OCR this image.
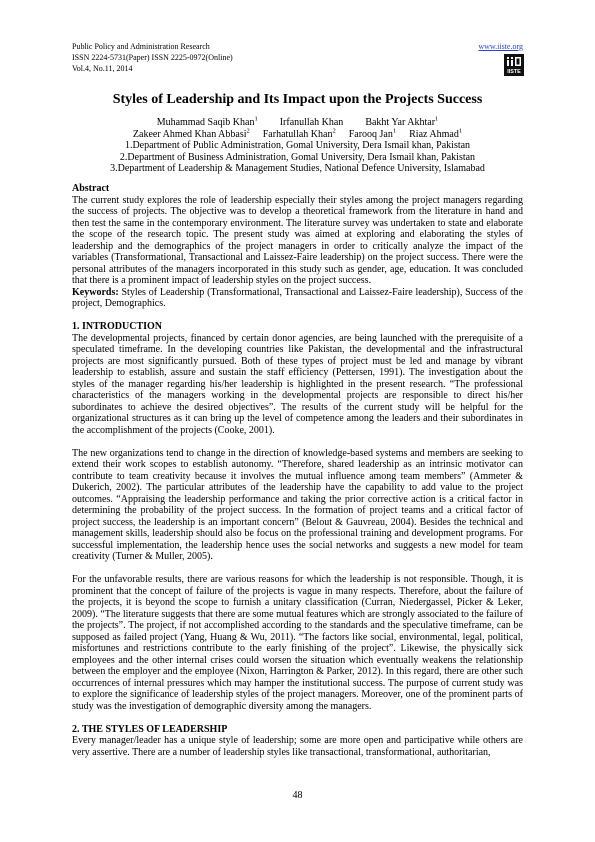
Public Policy and Administration Research
ISSN 2224-5731(Paper) ISSN 2225-0972(Online)
Vol.4, No.11, 2014
www.iiste.org
IISTE
Styles of Leadership and Its Impact upon the Projects Success
Muhammad Saqib Khan$^1$ Irfanullah Khan Bakht Yar Akhtar$^1$
Zakeer Ahmed Khan Abbasi$^2$ Farhatullah Khan$^2$ Farooq Jan$^1$ Riaz Ahmad$^1$
1.Department of Public Administration, Gomal University, Dera Ismail khan, Pakistan
2.Department of Business Administration, Gomal University, Dera Ismail khan, Pakistan
3.Department of Leadership & Management Studies, National Defence University, Islamabad
Abstract

The current study explores the role of leadership especially their styles among the project managers regarding the success of projects. The objective was to develop a theoretical framework from the literature in hand and then test the same in the contemporary environment. The literature survey was undertaken to state and elaborate the scope of the research topic. The present study was aimed at exploring and elaborating the styles of leadership and the demographics of the project managers in order to critically analyze the impact of the variables (Transformational, Transactional and Laissez-Faire leadership) on the project success. There were the personal attributes of the managers incorporated in this study such as gender, age, education. It was concluded that there is a prominent impact of leadership styles on the project success.

Keywords: Styles of Leadership (Transformational, Transactional and Laissez-Faire leadership), Success of the project, Demographics.

1. INTRODUCTION

The developmental projects, financed by certain donor agencies, are being launched with the prerequisite of a speculated timeframe. In the developing countries like Pakistan, the developmental and the infrastructural projects are most significantly pursued. Both of these types of project must be led and manage by vibrant leadership to establish, assure and sustain the staff efficiency (Pettersen, 1991). The investigation about the styles of the manager regarding his/her leadership is highlighted in the present research. “The professional characteristics of the managers working in the developmental projects are responsible to direct his/her subordinates to achieve the desired objectives”. The results of the current study will be helpful for the organizational structures as it can bring up the level of competence among the leaders and their subordinates in the accomplishment of the projects (Cooke, 2001).

The new organizations tend to change in the direction of knowledge-based systems and members are seeking to extend their work scopes to establish autonomy. “Therefore, shared leadership as an intrinsic motivator can contribute to team creativity because it involves the mutual influence among team members” (Ammeter & Dukerich, 2002). The particular attributes of the leadership have the capability to add value to the project outcomes. “Appraising the leadership performance and taking the prior corrective action is a critical factor in determining the probability of the project success. In the formation of project teams and a critical factor of project success, the leadership is an important concern” (Belout & Gauvreau, 2004). Besides the technical and management skills, leadership should also be focus on the professional training and development programs. For successful implementation, the leadership hence uses the social networks and suggests a new model for team creativity (Turner & Muller, 2005).

For the unfavorable results, there are various reasons for which the leadership is not responsible. Though, it is prominent that the concept of failure of the projects is vague in many respects. Therefore, about the failure of the projects, it is beyond the scope to furnish a unitary classification (Curran, Niedergassel, Picker & Leker, 2009). “The literature suggests that there are some mutual features which are strongly associated to the failure of the projects”. The project, if not accomplished according to the standards and the speculative timeframe, can be supposed as failed project (Yang, Huang & Wu, 2011). “The factors like social, environmental, legal, political, misfortunes and restrictions contribute to the early finishing of the project”. Likewise, the physically sick employees and the other internal crises could worsen the situation which eventually weakens the relationship between the employer and the employee (Nixon, Harrington & Parker, 2012). In this regard, there are other such occurrences of internal pressures which may hamper the institutional success. The purpose of current study was to explore the significance of leadership styles of the project managers. Moreover, one of the prominent parts of study was the investigation of demographic diversity among the managers.

2. THE STYLES OF LEADERSHIP

Every manager/leader has a unique style of leadership; some are more open and participative while others are very assertive. There are a number of leadership styles like transactional, transformational, authoritarian,

48
